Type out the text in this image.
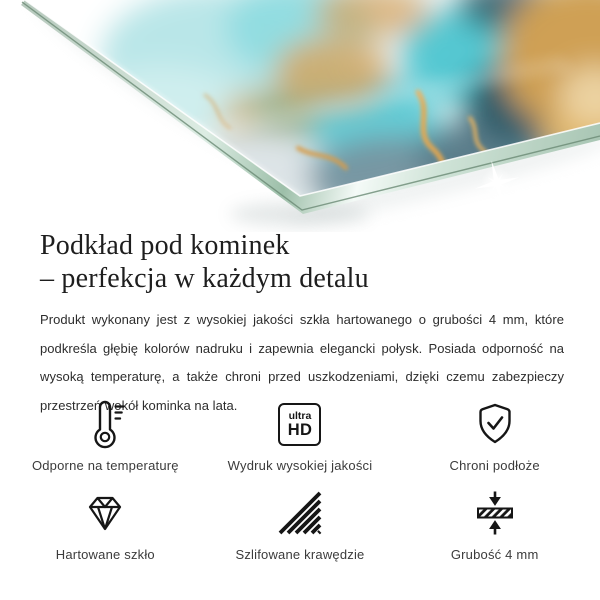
Podkład pod kominek
– perfekcja w każdym detalu
Produkt wykonany jest z wysokiej jakości szkła hartowanego o grubości 4 mm, które podkreśla głębię kolorów nadruku i zapewnia elegancki połysk. Posiada odporność na wysoką temperaturę, a także chroni przed uszkodzeniami, dzięki czemu zabezpieczy przestrzeń wokół kominka na lata.
Odporne na temperaturę
ultra
HD
Wydruk wysokiej jakości	Chroni podłoże
Hartowane szkło	Szlifowane krawędzie	Grubość 4 mm
